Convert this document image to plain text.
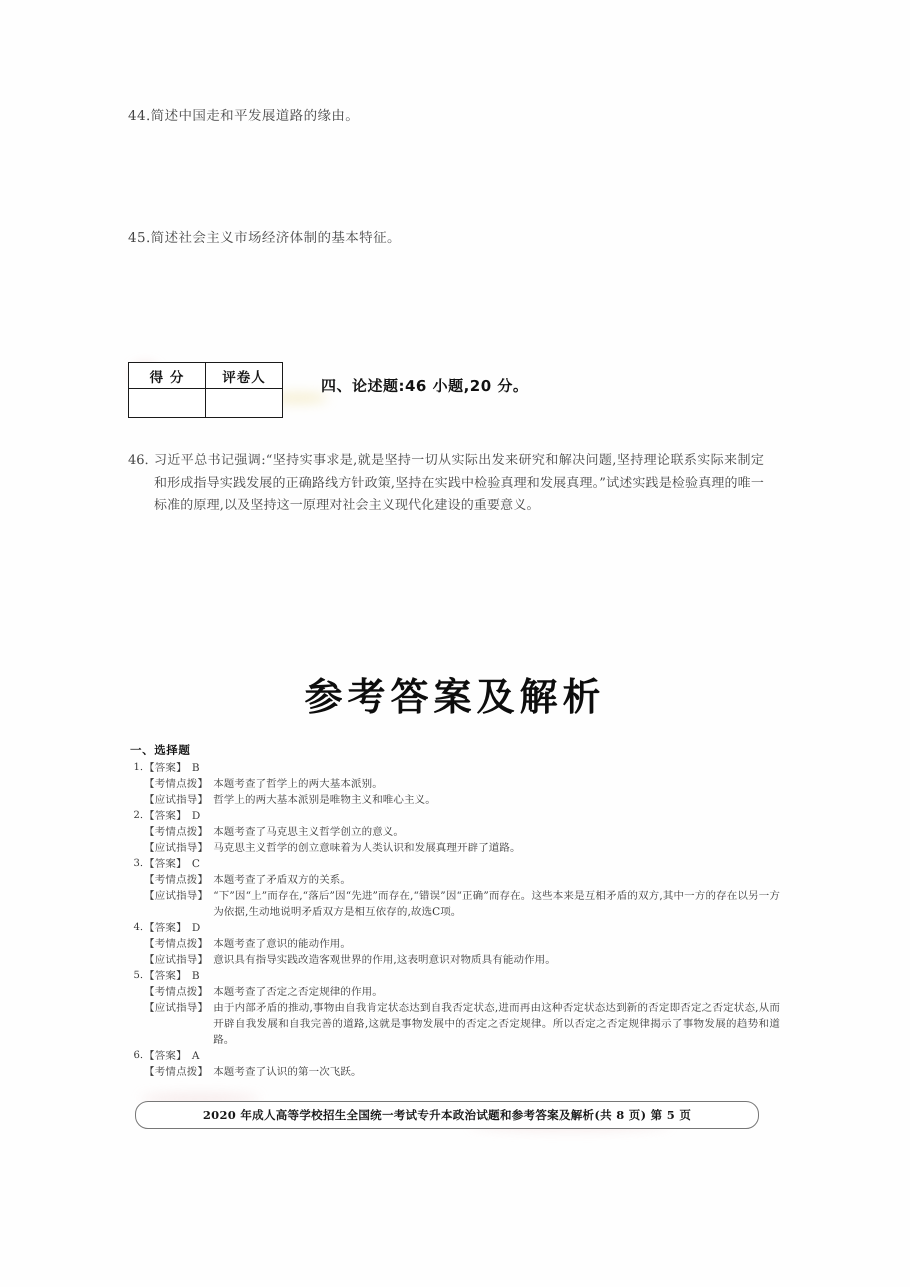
44.简述中国走和平发展道路的缘由。
45.简述社会主义市场经济体制的基本特征。
得 分	评卷人
		四、论述题:46 小题,20 分。
46. 习近平总书记强调:“坚持实事求是,就是坚持一切从实际出发来研究和解决问题,坚持理论联系实际来制定和形成指导实践发展的正确路线方针政策,坚持在实践中检验真理和发展真理。”试述实践是检验真理的唯一标准的原理,以及坚持这一原理对社会主义现代化建设的重要意义。
参考答案及解析
一、选择题
1. 【答案】 B
【考情点拨】 本题考查了哲学上的两大基本派别。
【应试指导】 哲学上的两大基本派别是唯物主义和唯心主义。
2. 【答案】 D
【考情点拨】 本题考查了马克思主义哲学创立的意义。
【应试指导】 马克思主义哲学的创立意味着为人类认识和发展真理开辟了道路。
3. 【答案】 C
【考情点拨】 本题考查了矛盾双方的关系。
【应试指导】 “下”因“上”而存在,“落后”因“先进”而存在,“错误”因“正确”而存在。这些本来是互相矛盾的双方,其中一方的存在以另一方为依据,生动地说明矛盾双方是相互依存的,故选C项。
4. 【答案】 D
【考情点拨】 本题考查了意识的能动作用。
【应试指导】 意识具有指导实践改造客观世界的作用,这表明意识对物质具有能动作用。
5. 【答案】 B
【考情点拨】 本题考查了否定之否定规律的作用。
【应试指导】 由于内部矛盾的推动,事物由自我肯定状态达到自我否定状态,进而再由这种否定状态达到新的否定即否定之否定状态,从而开辟自我发展和自我完善的道路,这就是事物发展中的否定之否定规律。所以否定之否定规律揭示了事物发展的趋势和道路。
6. 【答案】 A
【考情点拨】 本题考查了认识的第一次飞跃。
2020 年成人高等学校招生全国统一考试专升本政治试题和参考答案及解析(共 8 页) 第 5 页
